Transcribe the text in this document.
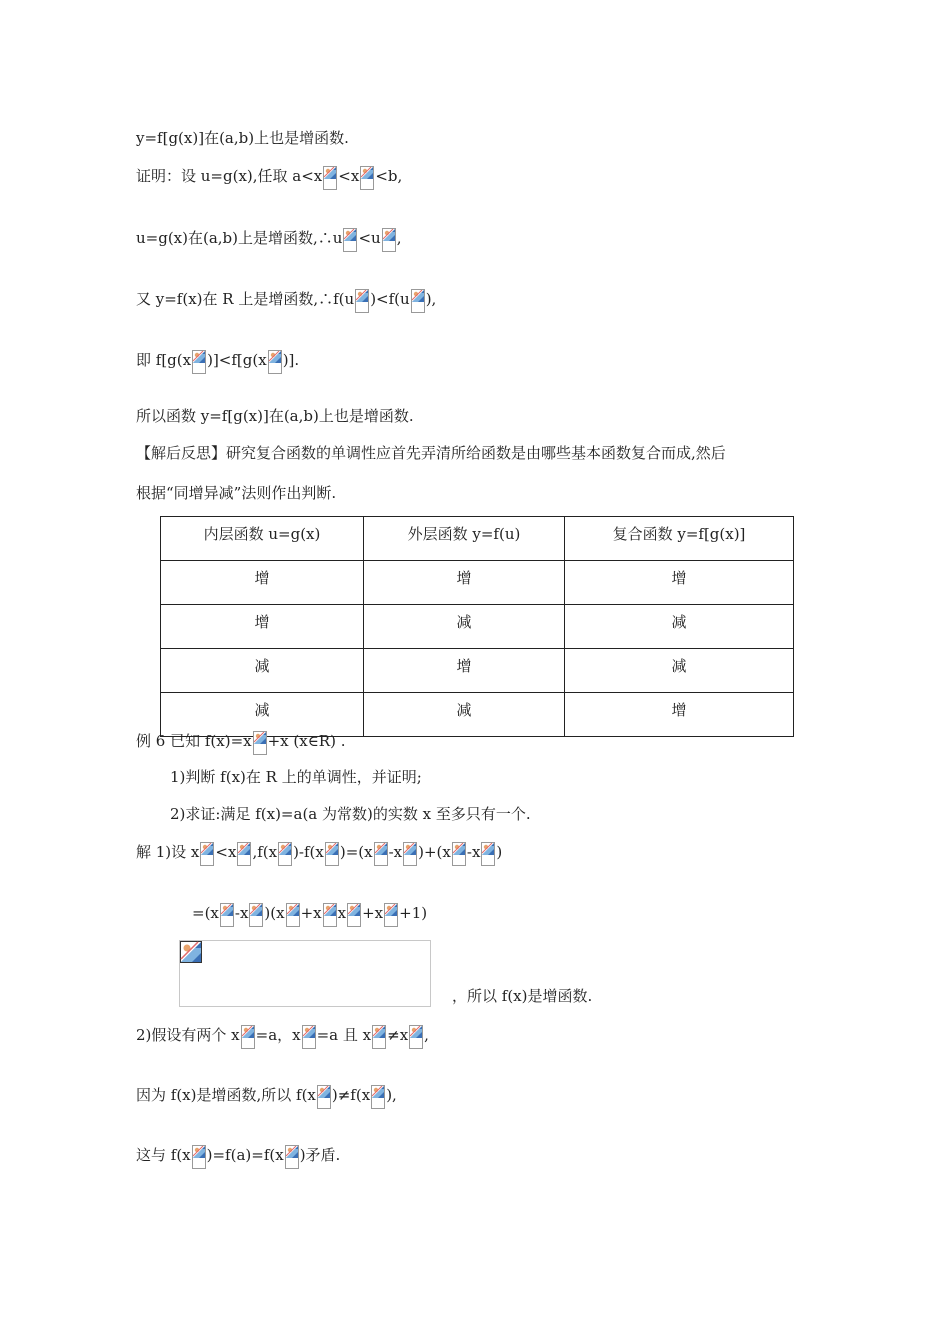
y=f[g(x)]在(a,b)上也是增函数.
证明：设 u=g(x),任取 a<x <x <b,
u=g(x)在(a,b)上是增函数,∴u <u ,
又 y=f(x)在 R 上是增函数,∴f(u )<f(u ),
即 f[g(x )]<f[g(x )].
所以函数 y=f[g(x)]在(a,b)上也是增函数.
【解后反思】研究复合函数的单调性应首先弄清所给函数是由哪些基本函数复合而成,然后
根据“同增异减”法则作出判断.
内层函数 u=g(x)	外层函数 y=f(u)	复合函数 y=f[g(x)]
增	增	增
增	减	减
减	增	减
减	减	增
例 6 已知 f(x)=x +x (x∈R) .
1)判断 f(x)在 R 上的单调性，并证明;
2)求证:满足 f(x)=a(a 为常数)的实数 x 至多只有一个.
解 1)设 x <x ,f(x )-f(x )=(x -x )+(x -x )
=(x -x )(x +x x +x +1)
，所以 f(x)是增函数.
2)假设有两个 x =a，x =a 且 x ≠x ,
因为 f(x)是增函数,所以 f(x )≠f(x ),
这与 f(x )=f(a)=f(x )矛盾.
